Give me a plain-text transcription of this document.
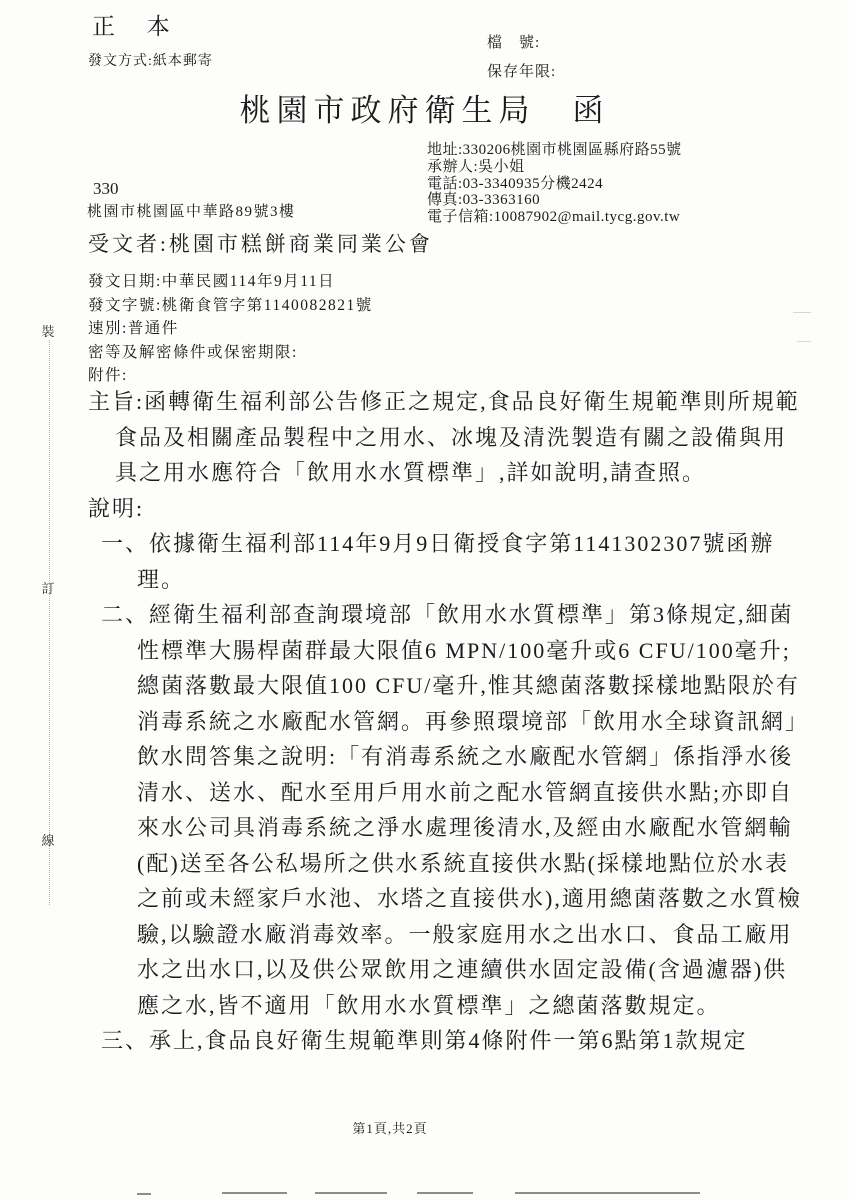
正 本
發文方式:紙本郵寄
檔　號:
保存年限:
桃園市政府衛生局　函
地址:330206桃園市桃園區縣府路55號
承辦人:吳小姐
電話:03-3340935分機2424
傳真:03-3363160
電子信箱:10087902@mail.tycg.gov.tw
330
桃園市桃園區中華路89號3樓
受文者:桃園市糕餅商業同業公會
發文日期:中華民國114年9月11日
發文字號:桃衛食管字第1140082821號
速別:普通件
密等及解密條件或保密期限:
附件:
主旨:函轉衛生福利部公告修正之規定,食品良好衛生規範準則所規範食品及相關產品製程中之用水、冰塊及清洗製造有關之設備與用具之用水應符合「飲用水水質標準」,詳如說明,請查照。
說明:
一、依據衛生福利部114年9月9日衛授食字第1141302307號函辦理。
二、經衛生福利部查詢環境部「飲用水水質標準」第3條規定,細菌性標準大腸桿菌群最大限值6 MPN/100毫升或6 CFU/100毫升;總菌落數最大限值100 CFU/毫升,惟其總菌落數採樣地點限於有消毒系統之水廠配水管網。再參照環境部「飲用水全球資訊網」飲水問答集之說明:「有消毒系統之水廠配水管網」係指淨水後清水、送水、配水至用戶用水前之配水管網直接供水點;亦即自來水公司具消毒系統之淨水處理後清水,及經由水廠配水管網輸(配)送至各公私場所之供水系統直接供水點(採樣地點位於水表之前或未經家戶水池、水塔之直接供水),適用總菌落數之水質檢驗,以驗證水廠消毒效率。一般家庭用水之出水口、食品工廠用水之出水口,以及供公眾飲用之連續供水固定設備(含過濾器)供應之水,皆不適用「飲用水水質標準」之總菌落數規定。
三、承上,食品良好衛生規範準則第4條附件一第6點第1款規定
裝
訂
線
第1頁,共2頁
